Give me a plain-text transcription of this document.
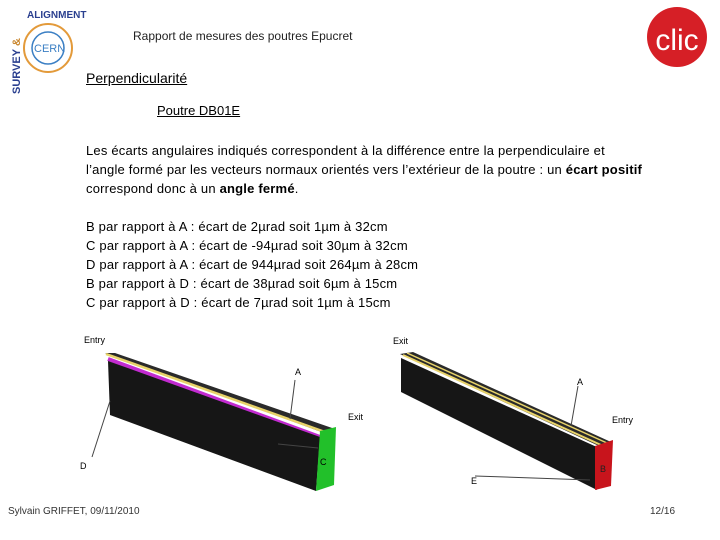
SURVEY
&
ALIGNMENT
CERN
Rapport de mesures des poutres Epucret	clic
Perpendicularité
Poutre DB01E
Les écarts angulaires indiqués correspondent à la différence entre la perpendiculaire et l’angle formé par les vecteurs normaux orientés vers l’extérieur de la poutre : un écart positif correspond donc à un angle fermé.
B par rapport à A : écart de 2µrad soit 1µm à 32cm
C par rapport à A : écart de -94µrad soit 30µm à 32cm
D par rapport à A : écart de 944µrad soit 264µm à 28cm
B par rapport à D : écart de 38µrad soit 6µm à 15cm
C par rapport à D : écart de 7µrad soit 1µm à 15cm
Entry
Exit
A
C
D
Exit
Entry
A
B
E
Sylvain GRIFFET, 09/11/2010	12/16
